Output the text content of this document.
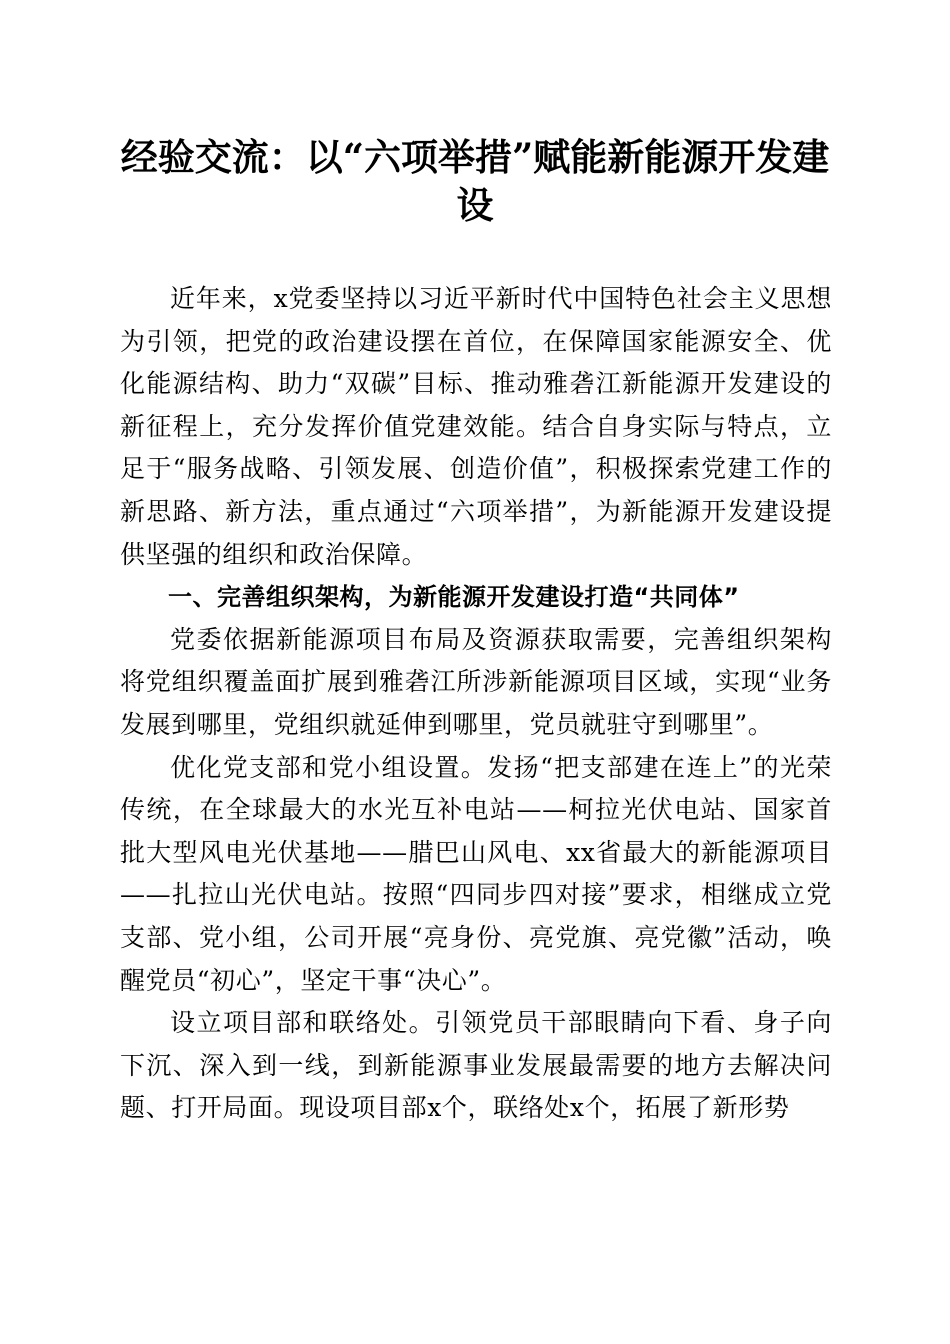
经验交流：以“六项举措”赋能新能源开发建设

近年来，x党委坚持以习近平新时代中国特色社会主义思想为引领，把党的政治建设摆在首位，在保障国家能源安全、优化能源结构、助力“双碳”目标、推动雅砻江新能源开发建设的新征程上，充分发挥价值党建效能。结合自身实际与特点，立足于“服务战略、引领发展、创造价值”，积极探索党建工作的新思路、新方法，重点通过“六项举措”，为新能源开发建设提供坚强的组织和政治保障。

一、完善组织架构，为新能源开发建设打造“共同体”

党委依据新能源项目布局及资源获取需要，完善组织架构将党组织覆盖面扩展到雅砻江所涉新能源项目区域，实现“业务发展到哪里，党组织就延伸到哪里，党员就驻守到哪里”。

优化党支部和党小组设置。发扬“把支部建在连上”的光荣传统，在全球最大的水光互补电站——柯拉光伏电站、国家首批大型风电光伏基地——腊巴山风电、xx省最大的新能源项目——扎拉山光伏电站。按照“四同步四对接”要求，相继成立党支部、党小组，公司开展“亮身份、亮党旗、亮党徽”活动，唤醒党员“初心”，坚定干事“决心”。

设立项目部和联络处。引领党员干部眼睛向下看、身子向下沉、深入到一线，到新能源事业发展最需要的地方去解决问题、打开局面。现设项目部x个，联络处x个，拓展了新形势
